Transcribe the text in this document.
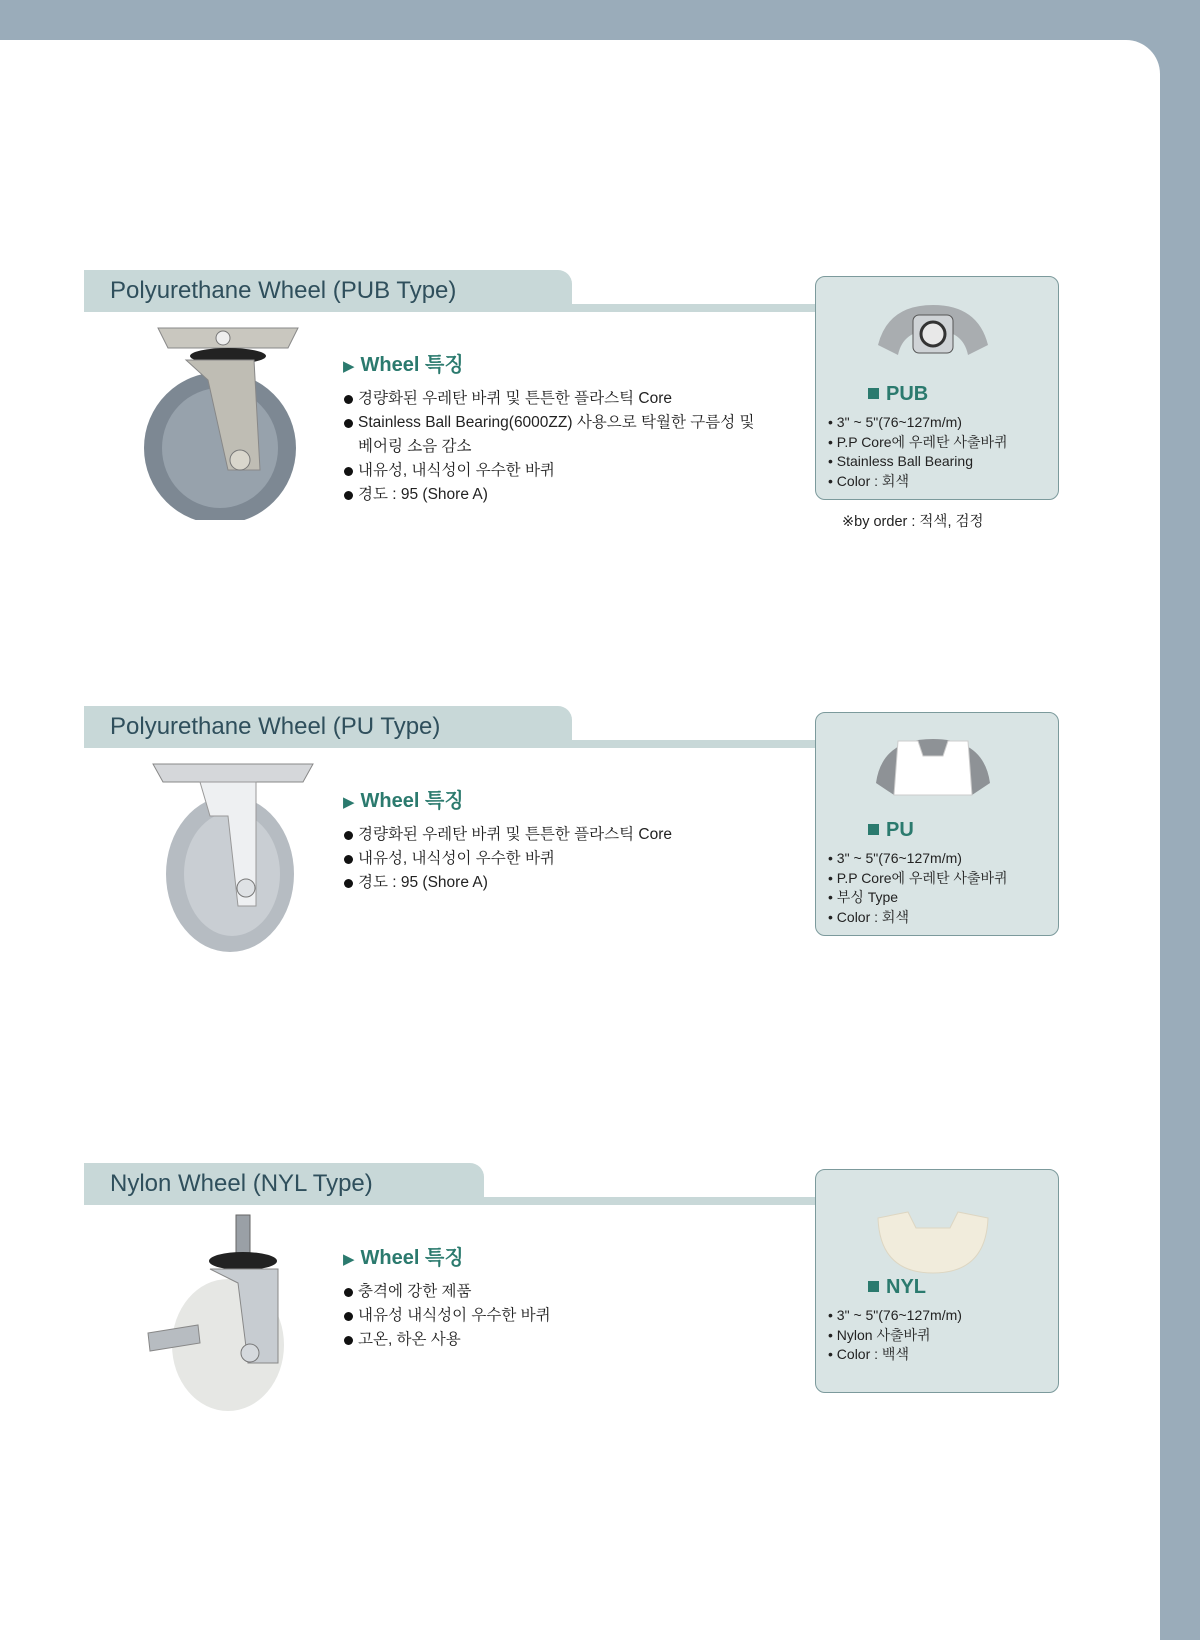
Polyurethane Wheel (PUB Type)
▶ Wheel 특징
경량화된 우레탄 바퀴 및 튼튼한 플라스틱 Core
Stainless Ball Bearing(6000ZZ) 사용으로 탁월한 구름성 및 베어링 소음 감소
내유성, 내식성이 우수한 바퀴
경도 : 95 (Shore A)
PUB
• 3" ~ 5"(76~127m/m)
• P.P Core에 우레탄 사출바퀴
• Stainless Ball Bearing
• Color : 회색
※by order : 적색, 검정
Polyurethane Wheel (PU Type)
▶ Wheel 특징
경량화된 우레탄 바퀴 및 튼튼한 플라스틱 Core
내유성, 내식성이 우수한 바퀴
경도 : 95 (Shore A)
PU
• 3" ~ 5"(76~127m/m)
• P.P Core에 우레탄 사출바퀴
• 부싱 Type
• Color : 회색
Nylon Wheel (NYL Type)
▶ Wheel 특징
충격에 강한 제품
내유성 내식성이 우수한 바퀴
고온, 하온 사용
NYL
• 3" ~ 5"(76~127m/m)
• Nylon 사출바퀴
• Color : 백색
